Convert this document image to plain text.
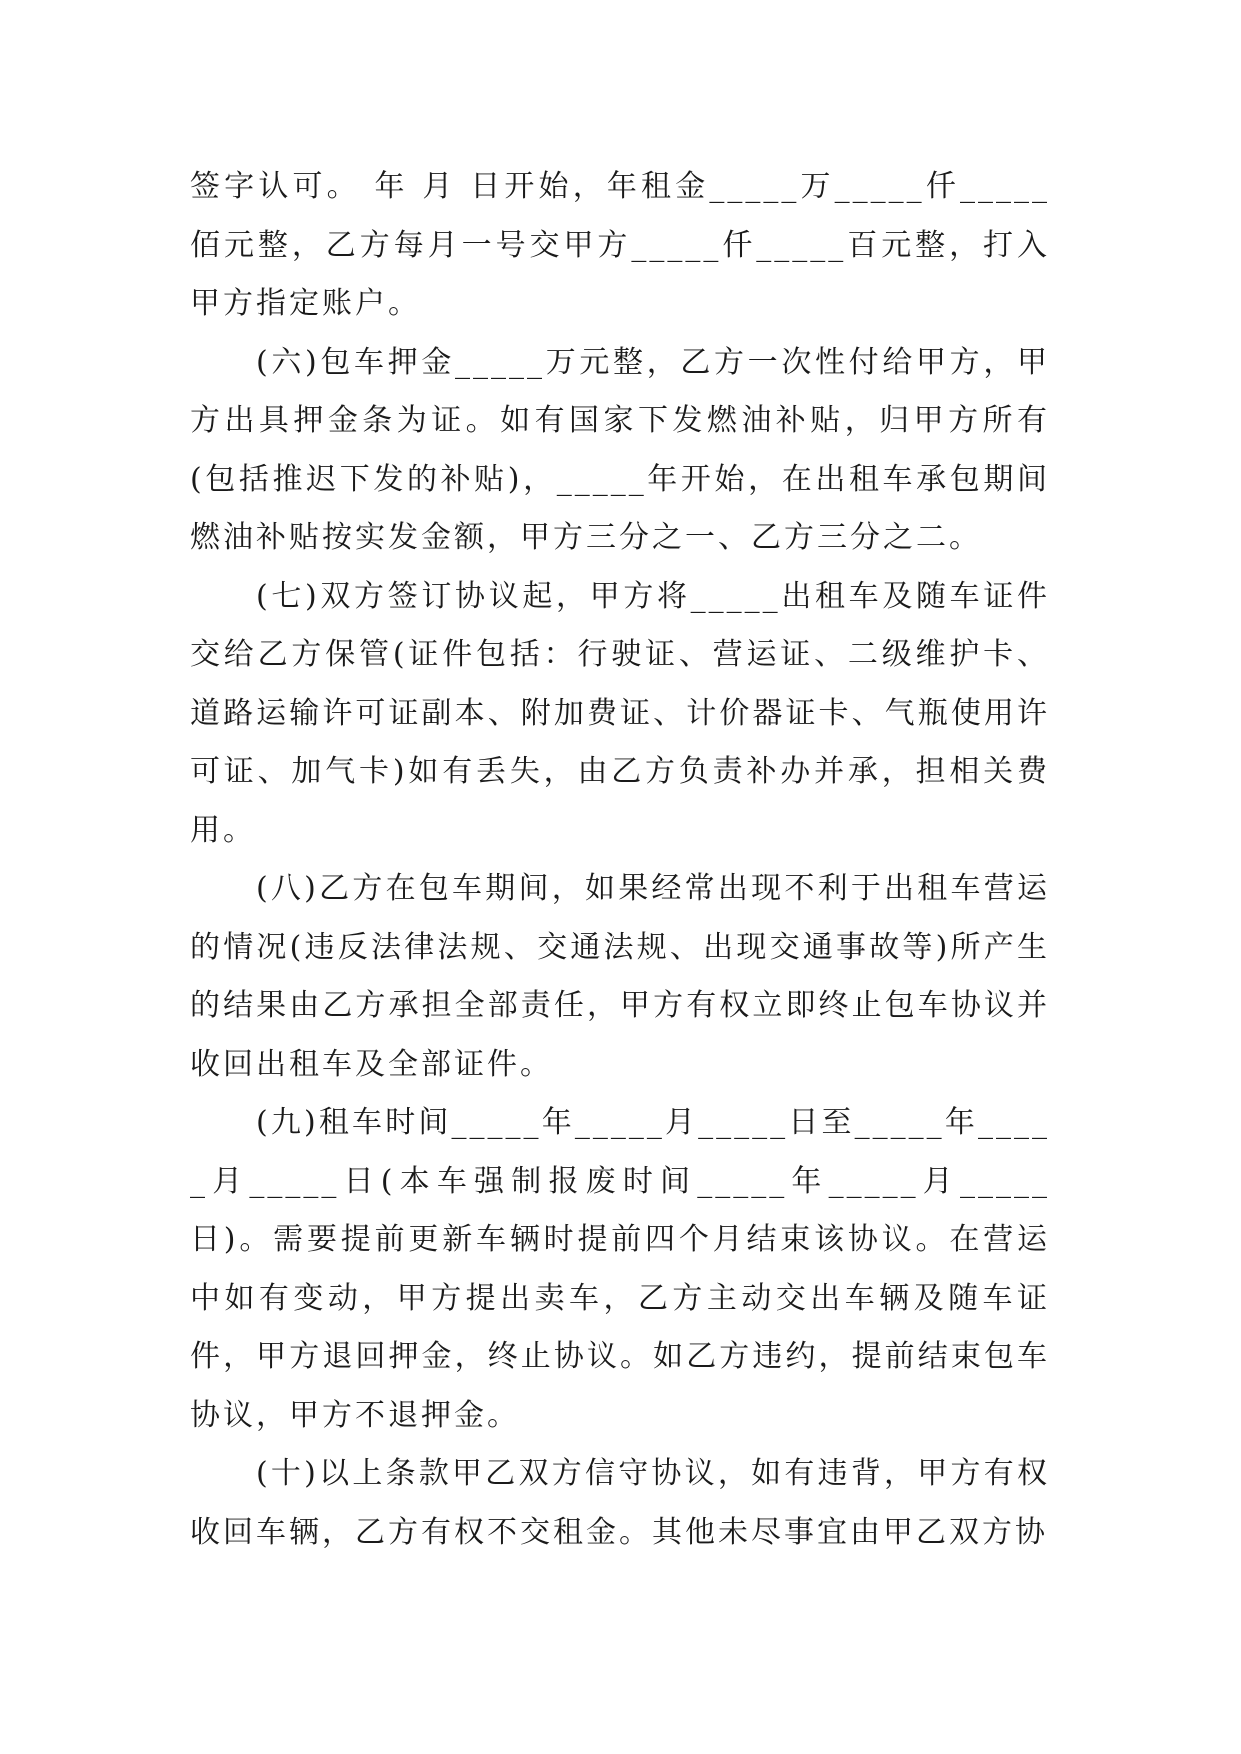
签字认可。 年 月 日开始，年租金_____万_____仟_____佰元整，乙方每月一号交甲方_____仟_____百元整，打入甲方指定账户。

(六)包车押金_____万元整，乙方一次性付给甲方，甲方出具押金条为证。如有国家下发燃油补贴，归甲方所有(包括推迟下发的补贴)，_____年开始，在出租车承包期间燃油补贴按实发金额，甲方三分之一、乙方三分之二。

(七)双方签订协议起，甲方将_____出租车及随车证件交给乙方保管(证件包括：行驶证、营运证、二级维护卡、道路运输许可证副本、附加费证、计价器证卡、气瓶使用许可证、加气卡)如有丢失，由乙方负责补办并承，担相关费用。

(八)乙方在包车期间，如果经常出现不利于出租车营运的情况(违反法律法规、交通法规、出现交通事故等)所产生的结果由乙方承担全部责任，甲方有权立即终止包车协议并收回出租车及全部证件。

(九)租车时间_____年_____月_____日至_____年_____月_____日(本车强制报废时间_____年_____月_____日)。需要提前更新车辆时提前四个月结束该协议。在营运中如有变动，甲方提出卖车，乙方主动交出车辆及随车证件，甲方退回押金，终止协议。如乙方违约，提前结束包车协议，甲方不退押金。

(十)以上条款甲乙双方信守协议，如有违背，甲方有权收回车辆，乙方有权不交租金。其他未尽事宜由甲乙双方协
